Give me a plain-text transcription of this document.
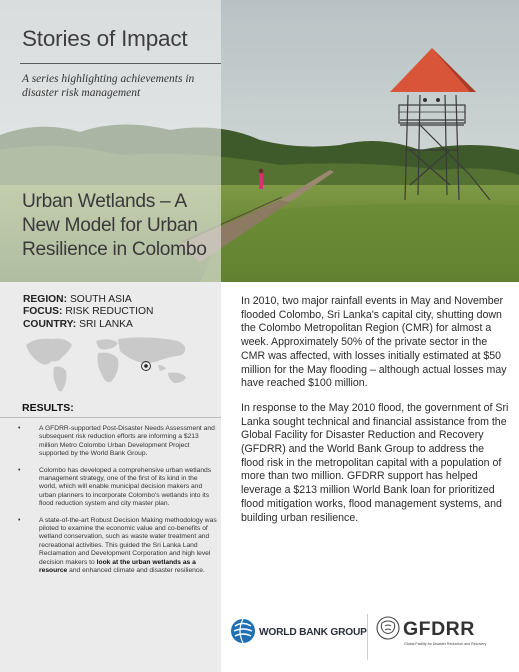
Stories of Impact
A series highlighting achievements in disaster risk management
Urban Wetlands – A New Model for Urban Resilience in Colombo
REGION: SOUTH ASIA
FOCUS: RISK REDUCTION
COUNTRY: SRI LANKA
RESULTS:
•	A GFDRR-supported Post-Disaster Needs Assessment and subsequent risk reduction efforts are informing a $213 million Metro Colombo Urban Development Project supported by the World Bank Group.
•	Colombo has developed a comprehensive urban wetlands management strategy, one of the first of its kind in the world, which will enable municipal decision makers and urban planners to incorporate Colombo's wetlands into its flood reduction system and city master plan.
•	A state-of-the-art Robust Decision Making methodology was piloted to examine the economic value and co-benefits of wetland conservation, such as waste water treatment and recreational activities. This guided the Sri Lanka Land Reclamation and Development Corporation and high level decision makers to look at the urban wetlands as a resource and enhanced climate and disaster resilience.

In 2010, two major rainfall events in May and November flooded Colombo, Sri Lanka's capital city, shutting down the Colombo Metropolitan Region (CMR) for almost a week. Approximately 50% of the private sector in the CMR was affected, with losses initially estimated at $50 million for the May flooding – although actual losses may have reached $100 million.

In response to the May 2010 flood, the government of Sri Lanka sought technical and financial assistance from the Global Facility for Disaster Reduction and Recovery (GFDRR) and the World Bank Group to address the flood risk in the metropolitan capital with a population of more than two million. GFDRR support has helped leverage a $213 million World Bank loan for prioritized flood mitigation works, flood management systems, and building urban resilience.

WORLD BANK GROUP GFDRR
Global Facility for Disaster Reduction and Recovery
